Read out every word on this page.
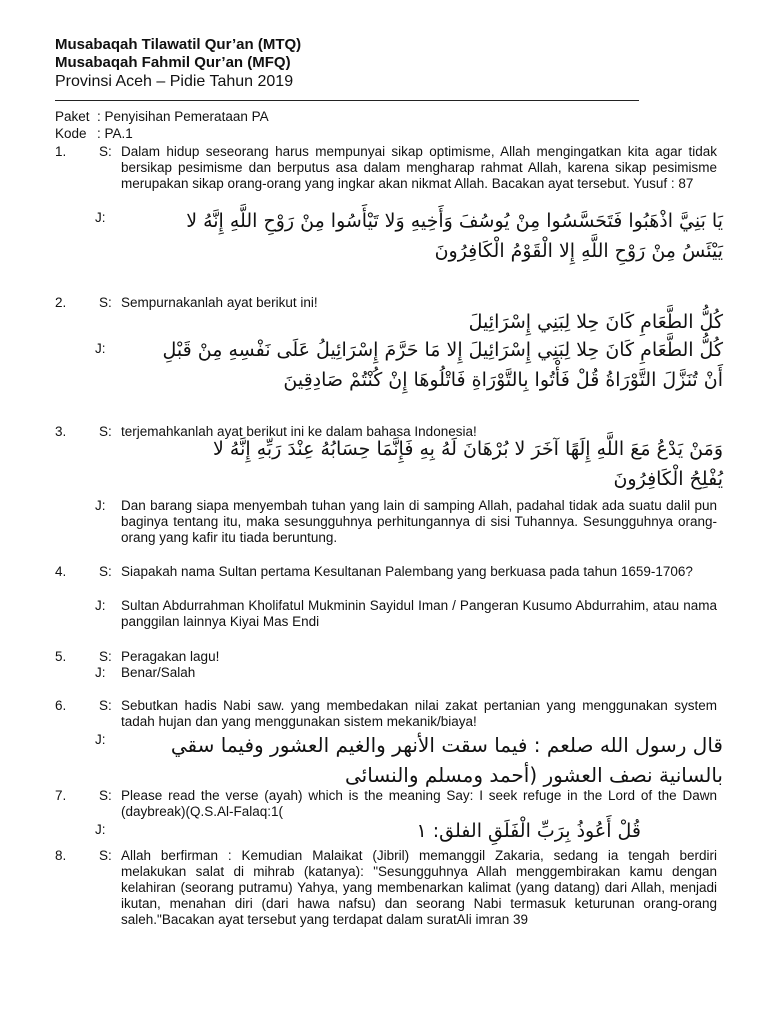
Musabaqah Tilawatil Qur’an (MTQ)
Musabaqah Fahmil Qur’an (MFQ)
Provinsi Aceh – Pidie Tahun 2019
Paket : Penyisihan Pemerataan PA
Kode : PA.1
1. S: Dalam hidup seseorang harus mempunyai sikap optimisme, Allah mengingatkan kita agar tidak bersikap pesimisme dan berputus asa dalam mengharap rahmat Allah, karena sikap pesimisme merupakan sikap orang-orang yang ingkar akan nikmat Allah. Bacakan ayat tersebut. Yusuf : 87
J:	يَا بَنِيَّ اذْهَبُوا فَتَحَسَّسُوا مِنْ يُوسُفَ وَأَخِيهِ وَلا تَيْأَسُوا مِنْ رَوْحِ اللَّهِ إِنَّهُ لا
يَيْئَسُ مِنْ رَوْحِ اللَّهِ إِلا الْقَوْمُ الْكَافِرُونَ
2. S: Sempurnakanlah ayat berikut ini!
كُلُّ الطَّعَامِ كَانَ حِلا لِبَنِي إِسْرَائِيلَ
J:	كُلُّ الطَّعَامِ كَانَ حِلا لِبَنِي إِسْرَائِيلَ إِلا مَا حَرَّمَ إِسْرَائِيلُ عَلَى نَفْسِهِ مِنْ قَبْلِ
أَنْ تُنَزَّلَ التَّوْرَاةُ قُلْ فَأْتُوا بِالتَّوْرَاةِ فَاتْلُوهَا إِنْ كُنْتُمْ صَادِقِينَ
3. S: terjemahkanlah ayat berikut ini ke dalam bahasa Indonesia!
وَمَنْ يَدْعُ مَعَ اللَّهِ إِلَهًا آخَرَ لا بُرْهَانَ لَهُ بِهِ فَإِنَّمَا حِسَابُهُ عِنْدَ رَبِّهِ إِنَّهُ لا
يُفْلِحُ الْكَافِرُونَ
J: Dan barang siapa menyembah tuhan yang lain di samping Allah, padahal tidak ada suatu dalil pun baginya tentang itu, maka sesungguhnya perhitungannya di sisi Tuhannya. Sesungguhnya orang-orang yang kafir itu tiada beruntung.
4. S: Siapakah nama Sultan pertama Kesultanan Palembang yang berkuasa pada tahun 1659-1706?
J: Sultan Abdurrahman Kholifatul Mukminin Sayidul Iman / Pangeran Kusumo Abdurrahim, atau nama panggilan lainnya Kiyai Mas Endi
5. S: Peragakan lagu!
J: Benar/Salah
6. S: Sebutkan hadis Nabi saw. yang membedakan nilai zakat pertanian yang menggunakan system tadah hujan dan yang menggunakan sistem mekanik/biaya!
J:	قال رسول الله صلعم : فيما سقت الأنهر والغيم العشور وفيما سقي
بالسانية نصف العشور (أحمد ومسلم والنسائى
7. S: Please read the verse (ayah) which is the meaning Say: I seek refuge in the Lord of the Dawn (daybreak)(Q.S.Al-Falaq:1(
J:	قُلْ أَعُوذُ بِرَبِّ الْفَلَقِ الفلق: ١
8. S: Allah berfirman : Kemudian Malaikat (Jibril) memanggil Zakaria, sedang ia tengah berdiri melakukan salat di mihrab (katanya): "Sesungguhnya Allah menggembirakan kamu dengan kelahiran (seorang putramu) Yahya, yang membenarkan kalimat (yang datang) dari Allah, menjadi ikutan, menahan diri (dari hawa nafsu) dan seorang Nabi termasuk keturunan orang-orang saleh."Bacakan ayat tersebut yang terdapat dalam suratAli imran 39
